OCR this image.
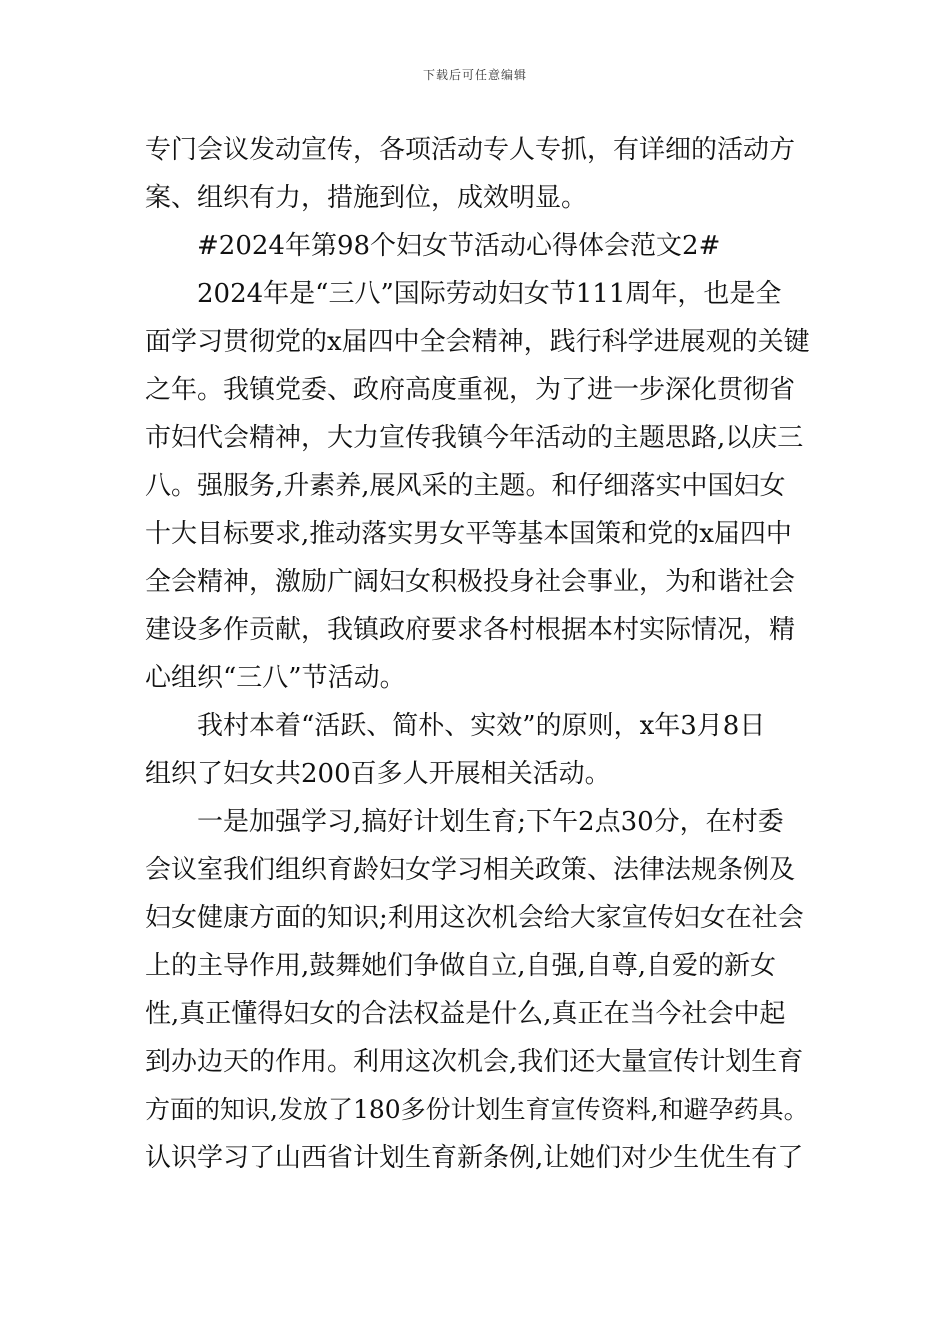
下载后可任意编辑
专门会议发动宣传，各项活动专人专抓，有详细的活动方
案、组织有力，措施到位，成效明显。
#2024年第98个妇女节活动心得体会范文2#
2024年是“三八”国际劳动妇女节111周年，也是全
面学习贯彻党的x届四中全会精神，践行科学进展观的关键
之年。我镇党委、政府高度重视，为了进一步深化贯彻省
市妇代会精神，大力宣传我镇今年活动的主题思路,以庆三
八。强服务,升素养,展风采的主题。和仔细落实中国妇女
十大目标要求,推动落实男女平等基本国策和党的x届四中
全会精神，激励广阔妇女积极投身社会事业，为和谐社会
建设多作贡献，我镇政府要求各村根据本村实际情况，精
心组织“三八”节活动。
我村本着“活跃、简朴、实效”的原则，x年3月8日
组织了妇女共200百多人开展相关活动。
一是加强学习,搞好计划生育;下午2点30分，在村委
会议室我们组织育龄妇女学习相关政策、法律法规条例及
妇女健康方面的知识;利用这次机会给大家宣传妇女在社会
上的主导作用,鼓舞她们争做自立,自强,自尊,自爱的新女
性,真正懂得妇女的合法权益是什么,真正在当今社会中起
到办边天的作用。利用这次机会,我们还大量宣传计划生育
方面的知识,发放了180多份计划生育宣传资料,和避孕药具。
认识学习了山西省计划生育新条例,让她们对少生优生有了
